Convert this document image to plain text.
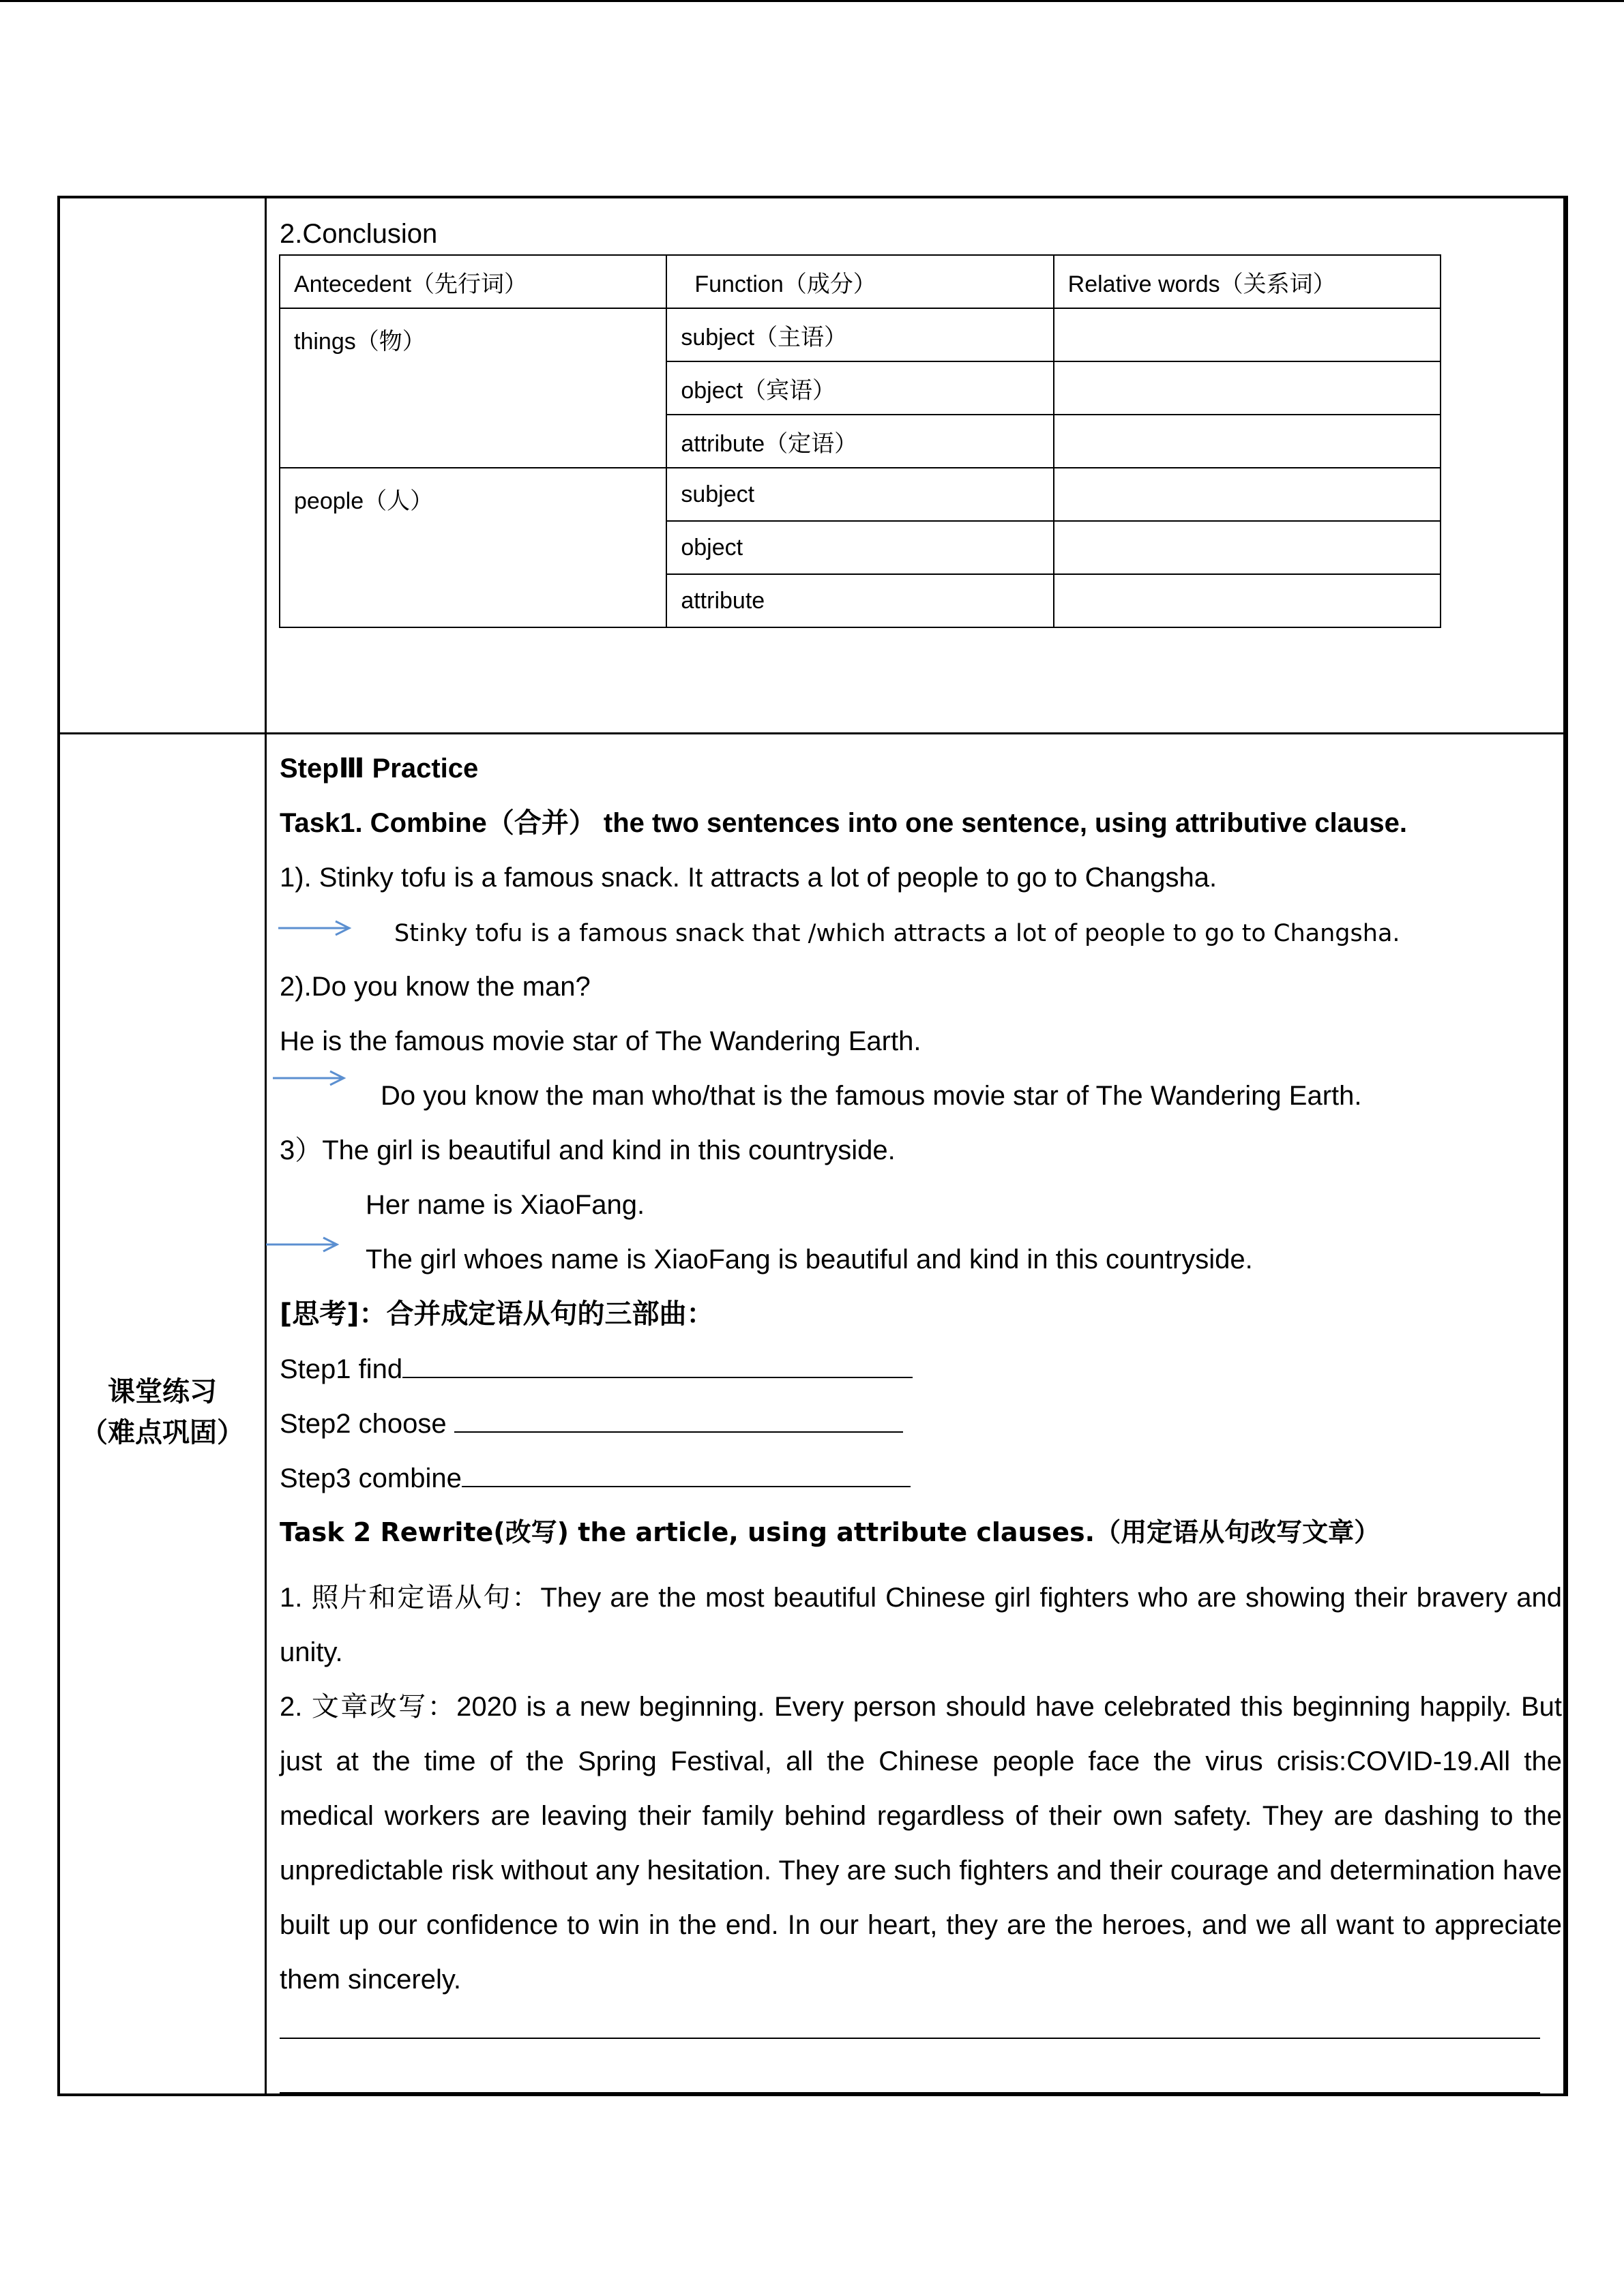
课堂练习
（难点巩固）
2.Conclusion
Antecedent（先行词）	Function（成分）	Relative words（关系词）
things（物）	subject（主语）	
	object（宾语）	
	attribute（定语）	
people（人）	subject	
	object	
	attribute	
StepⅢ Practice
Task1. Combine（合并） the two sentences into one sentence, using attributive clause.
1). Stinky tofu is a famous snack. It attracts a lot of people to go to Changsha.
Stinky tofu is a famous snack that /which attracts a lot of people to go to Changsha.
2).Do you know the man?
He is the famous movie star of The Wandering Earth.
Do you know the man who/that is the famous movie star of The Wandering Earth.
3）The girl is beautiful and kind in this countryside.
Her name is XiaoFang.
The girl whoes name is XiaoFang is beautiful and kind in this countryside.
[思考]：合并成定语从句的三部曲：
Step1 find
Step2 choose
Step3 combine
Task 2 Rewrite(改写) the article, using attribute clauses.（用定语从句改写文章）
1. 照片和定语从句：They are the most beautiful Chinese girl fighters who are showing their bravery and unity.
2. 文章改写：2020 is a new beginning. Every person should have celebrated this beginning happily. But just at the time of the Spring Festival, all the Chinese people face the virus crisis:COVID-19.All the medical workers are leaving their family behind regardless of their own safety. They are dashing to the unpredictable risk without any hesitation. They are such fighters and their courage and determination have built up our confidence to win in the end. In our heart, they are the heroes, and we all want to appreciate them sincerely.
